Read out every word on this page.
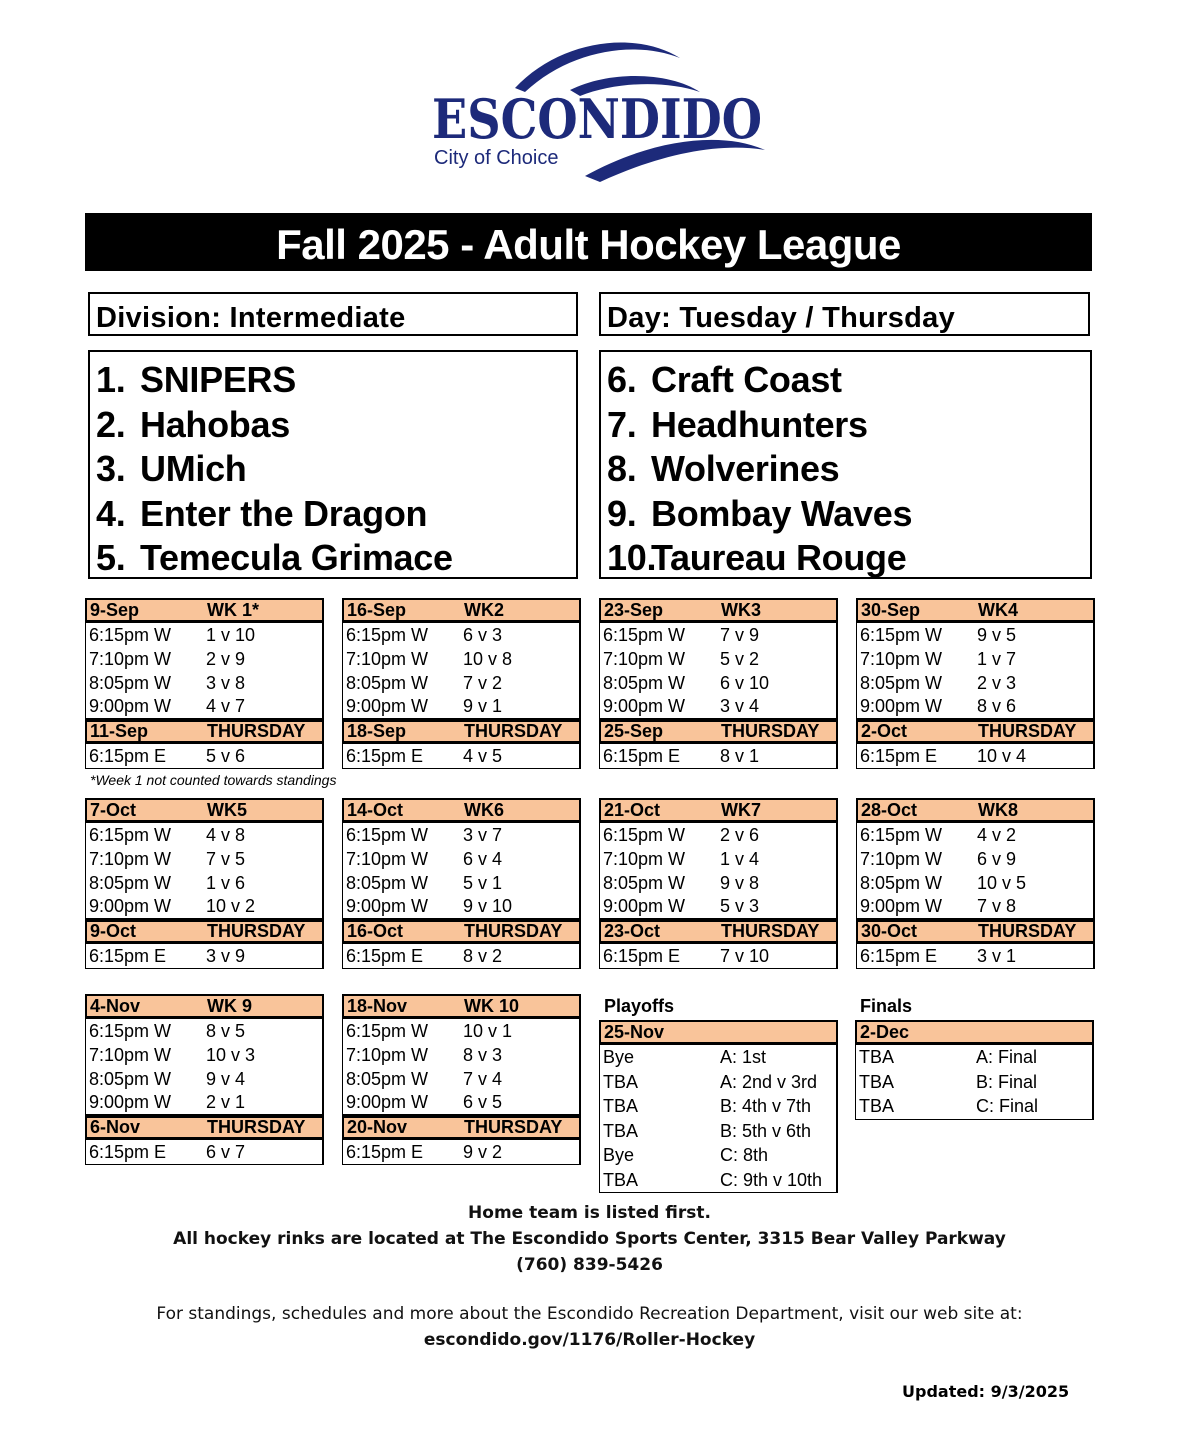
ESCONDIDO
City of Choice
Fall 2025 - Adult Hockey League
Division: Intermediate	Day: Tuesday / Thursday
1. SNIPERS
2. Hahobas
3. UMich
4. Enter the Dragon
5. Temecula Grimace
6. Craft Coast
7. Headhunters
8. Wolverines
9. Bombay Waves
10.Taureau Rouge
9-Sep	WK 1*
6:15pm W	1 v 10
7:10pm W	2 v 9
8:05pm W	3 v 8
9:00pm W	4 v 7
11-Sep	THURSDAY
6:15pm E	5 v 6
16-Sep	WK2
6:15pm W	6 v 3
7:10pm W	10 v 8
8:05pm W	7 v 2
9:00pm W	9 v 1
18-Sep	THURSDAY
6:15pm E	4 v 5
23-Sep	WK3
6:15pm W	7 v 9
7:10pm W	5 v 2
8:05pm W	6 v 10
9:00pm W	3 v 4
25-Sep	THURSDAY
6:15pm E	8 v 1
30-Sep	WK4
6:15pm W	9 v 5
7:10pm W	1 v 7
8:05pm W	2 v 3
9:00pm W	8 v 6
2-Oct	THURSDAY
6:15pm E	10 v 4
7-Oct	WK5
6:15pm W	4 v 8
7:10pm W	7 v 5
8:05pm W	1 v 6
9:00pm W	10 v 2
9-Oct	THURSDAY
6:15pm E	3 v 9
14-Oct	WK6
6:15pm W	3 v 7
7:10pm W	6 v 4
8:05pm W	5 v 1
9:00pm W	9 v 10
16-Oct	THURSDAY
6:15pm E	8 v 2
21-Oct	WK7
6:15pm W	2 v 6
7:10pm W	1 v 4
8:05pm W	9 v 8
9:00pm W	5 v 3
23-Oct	THURSDAY
6:15pm E	7 v 10
28-Oct	WK8
6:15pm W	4 v 2
7:10pm W	6 v 9
8:05pm W	10 v 5
9:00pm W	7 v 8
30-Oct	THURSDAY
6:15pm E	3 v 1
4-Nov	WK 9
6:15pm W	8 v 5
7:10pm W	10 v 3
8:05pm W	9 v 4
9:00pm W	2 v 1
6-Nov	THURSDAY
6:15pm E	6 v 7
18-Nov	WK 10
6:15pm W	10 v 1
7:10pm W	8 v 3
8:05pm W	7 v 4
9:00pm W	6 v 5
20-Nov	THURSDAY
6:15pm E	9 v 2
*Week 1 not counted towards standings
Playoffs
25-Nov
Bye	A: 1st
TBA	A: 2nd v 3rd
TBA	B: 4th v 7th
TBA	B: 5th v 6th
Bye	C: 8th
TBA	C: 9th v 10th
Finals
2-Dec
TBA	A: Final
TBA	B: Final
TBA	C: Final
Home team is listed first.
All hockey rinks are located at The Escondido Sports Center, 3315 Bear Valley Parkway
(760) 839-5426
For standings, schedules and more about the Escondido Recreation Department, visit our web site at:
escondido.gov/1176/Roller-Hockey
Updated: 9/3/2025
